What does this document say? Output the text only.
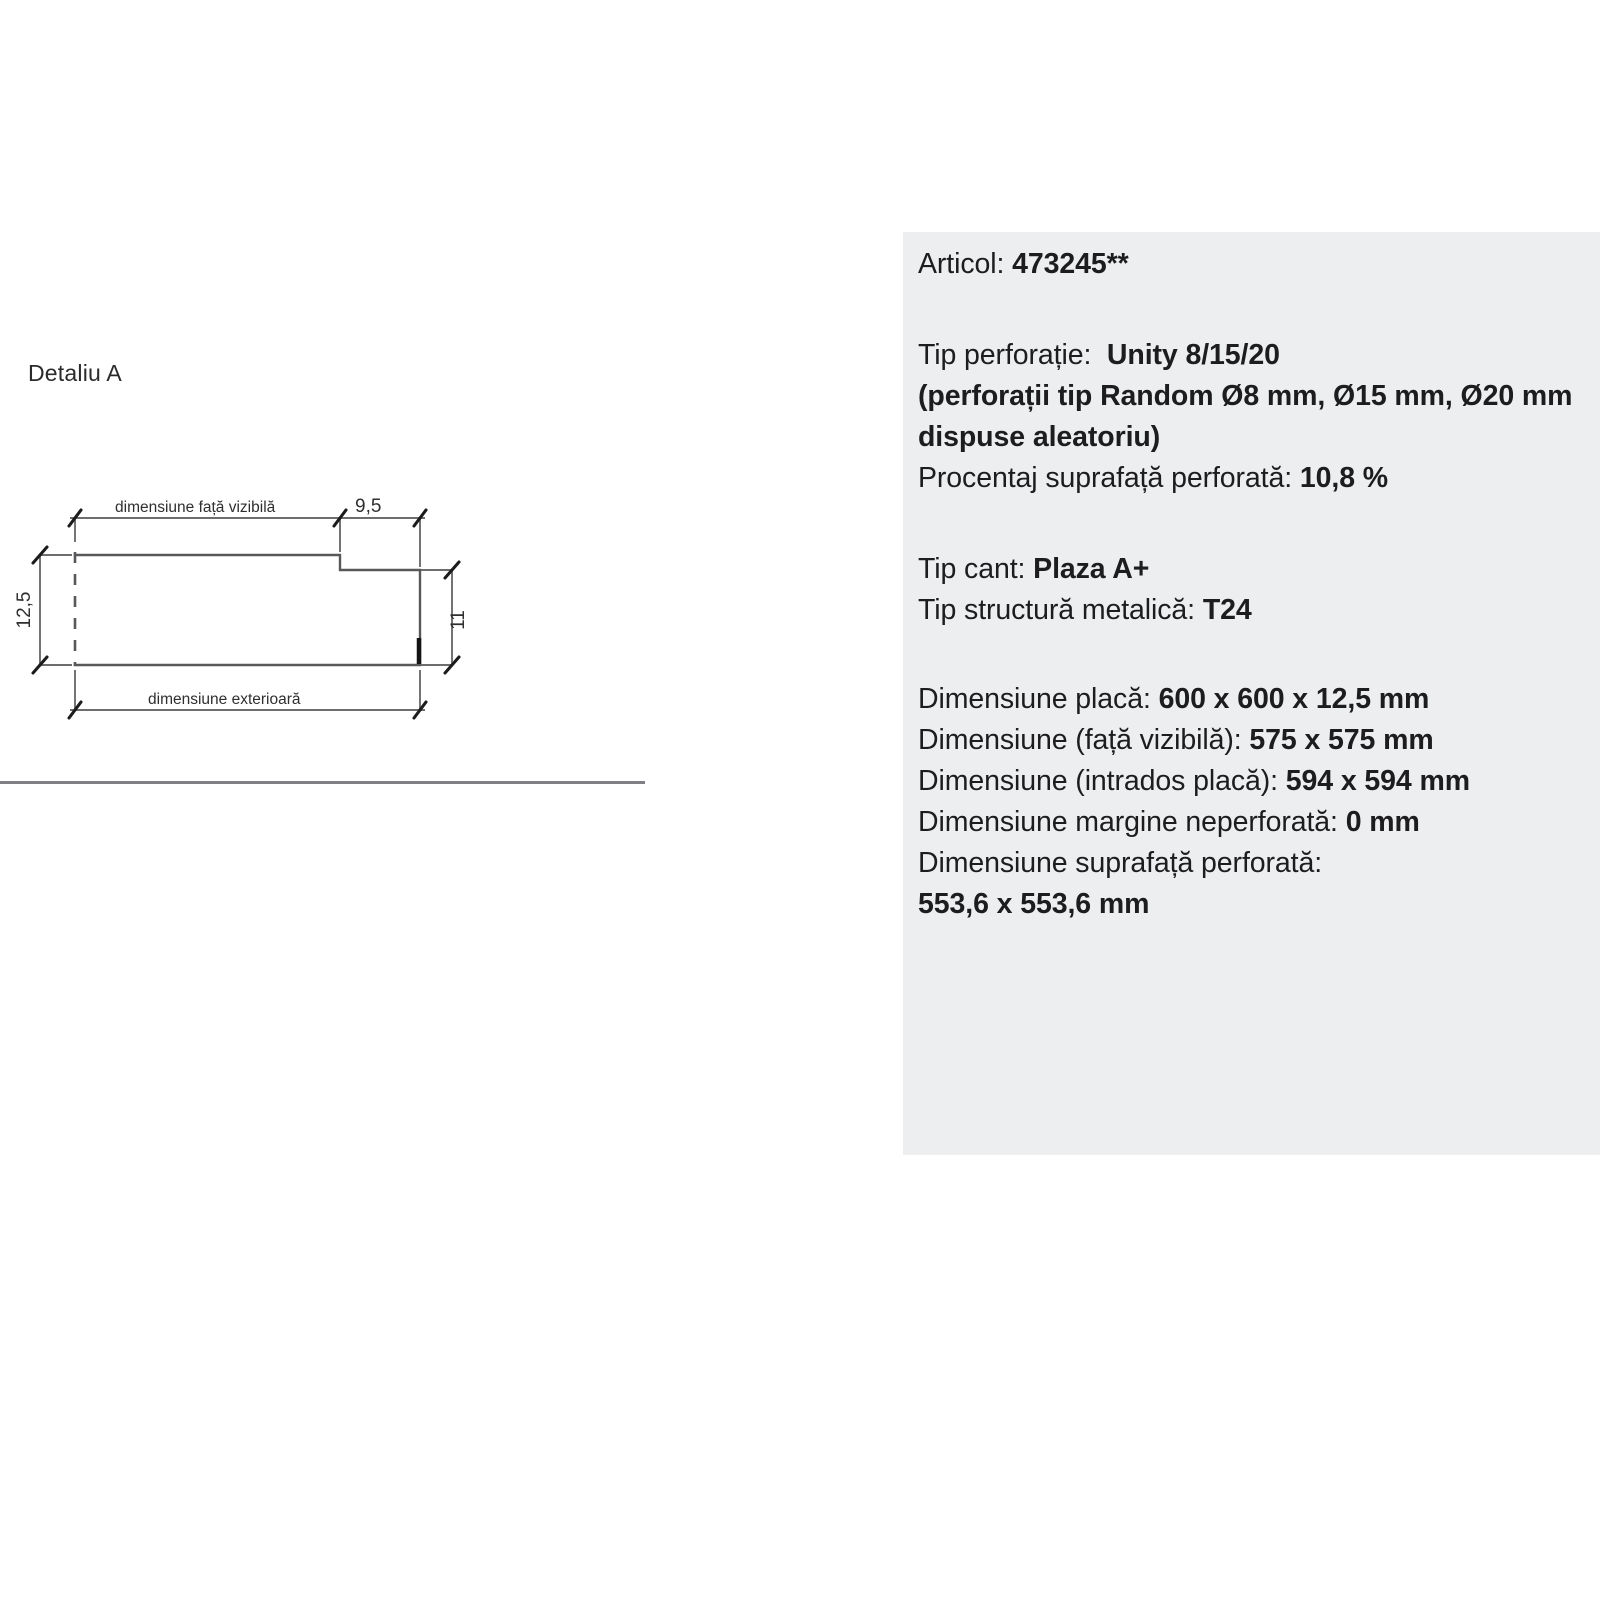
Detaliu A
dimensiune față vizibilă	9,5
12,5	11
dimensiune exterioară
Articol: 473245**
Tip perforație: Unity 8/15/20
(perforații tip Random Ø8 mm, Ø15 mm, Ø20 mm dispuse aleatoriu)
Procentaj suprafață perforată: 10,8 %
Tip cant: Plaza A+
Tip structură metalică: T24
Dimensiune placă: 600 x 600 x 12,5 mm
Dimensiune (față vizibilă): 575 x 575 mm
Dimensiune (intrados placă): 594 x 594 mm
Dimensiune margine neperforată: 0 mm
Dimensiune suprafață perforată:
553,6 x 553,6 mm
